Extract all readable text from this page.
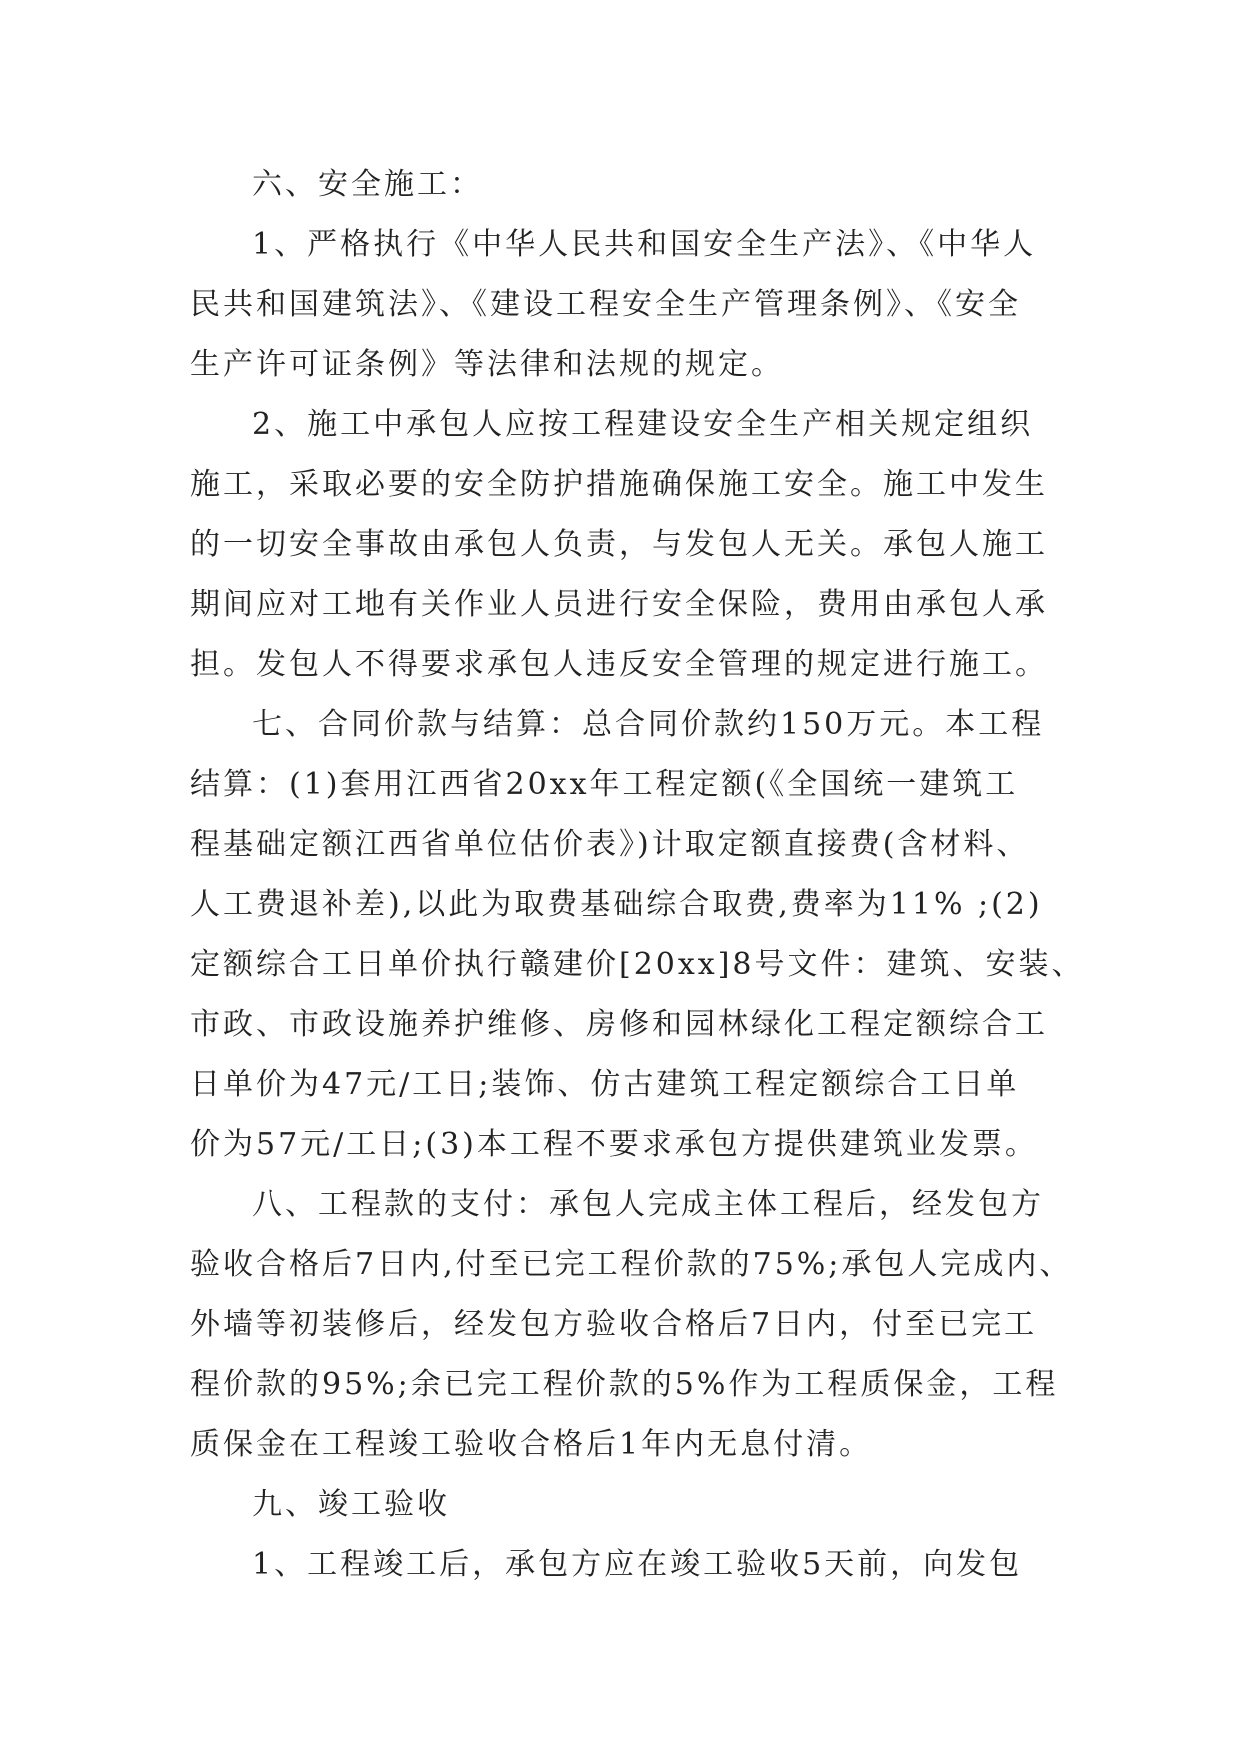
六、安全施工：
1、严格执行《中华人民共和国安全生产法》、《中华人
民共和国建筑法》、《建设工程安全生产管理条例》、《安全
生产许可证条例》等法律和法规的规定。
2、施工中承包人应按工程建设安全生产相关规定组织
施工，采取必要的安全防护措施确保施工安全。施工中发生
的一切安全事故由承包人负责，与发包人无关。承包人施工
期间应对工地有关作业人员进行安全保险，费用由承包人承
担。发包人不得要求承包人违反安全管理的规定进行施工。
七、合同价款与结算：总合同价款约150万元。本工程
结算：(1)套用江西省20xx年工程定额(《全国统一建筑工
程基础定额江西省单位估价表》)计取定额直接费(含材料、
人工费退补差),以此为取费基础综合取费,费率为11% ;(2)
定额综合工日单价执行赣建价[20xx]8号文件：建筑、安装、
市政、市政设施养护维修、房修和园林绿化工程定额综合工
日单价为47元/工日;装饰、仿古建筑工程定额综合工日单
价为57元/工日;(3)本工程不要求承包方提供建筑业发票。
八、工程款的支付：承包人完成主体工程后，经发包方
验收合格后7日内,付至已完工程价款的75%;承包人完成内、
外墙等初装修后，经发包方验收合格后7日内，付至已完工
程价款的95%;余已完工程价款的5%作为工程质保金，工程
质保金在工程竣工验收合格后1年内无息付清。
九、竣工验收
1、工程竣工后，承包方应在竣工验收5天前，向发包
